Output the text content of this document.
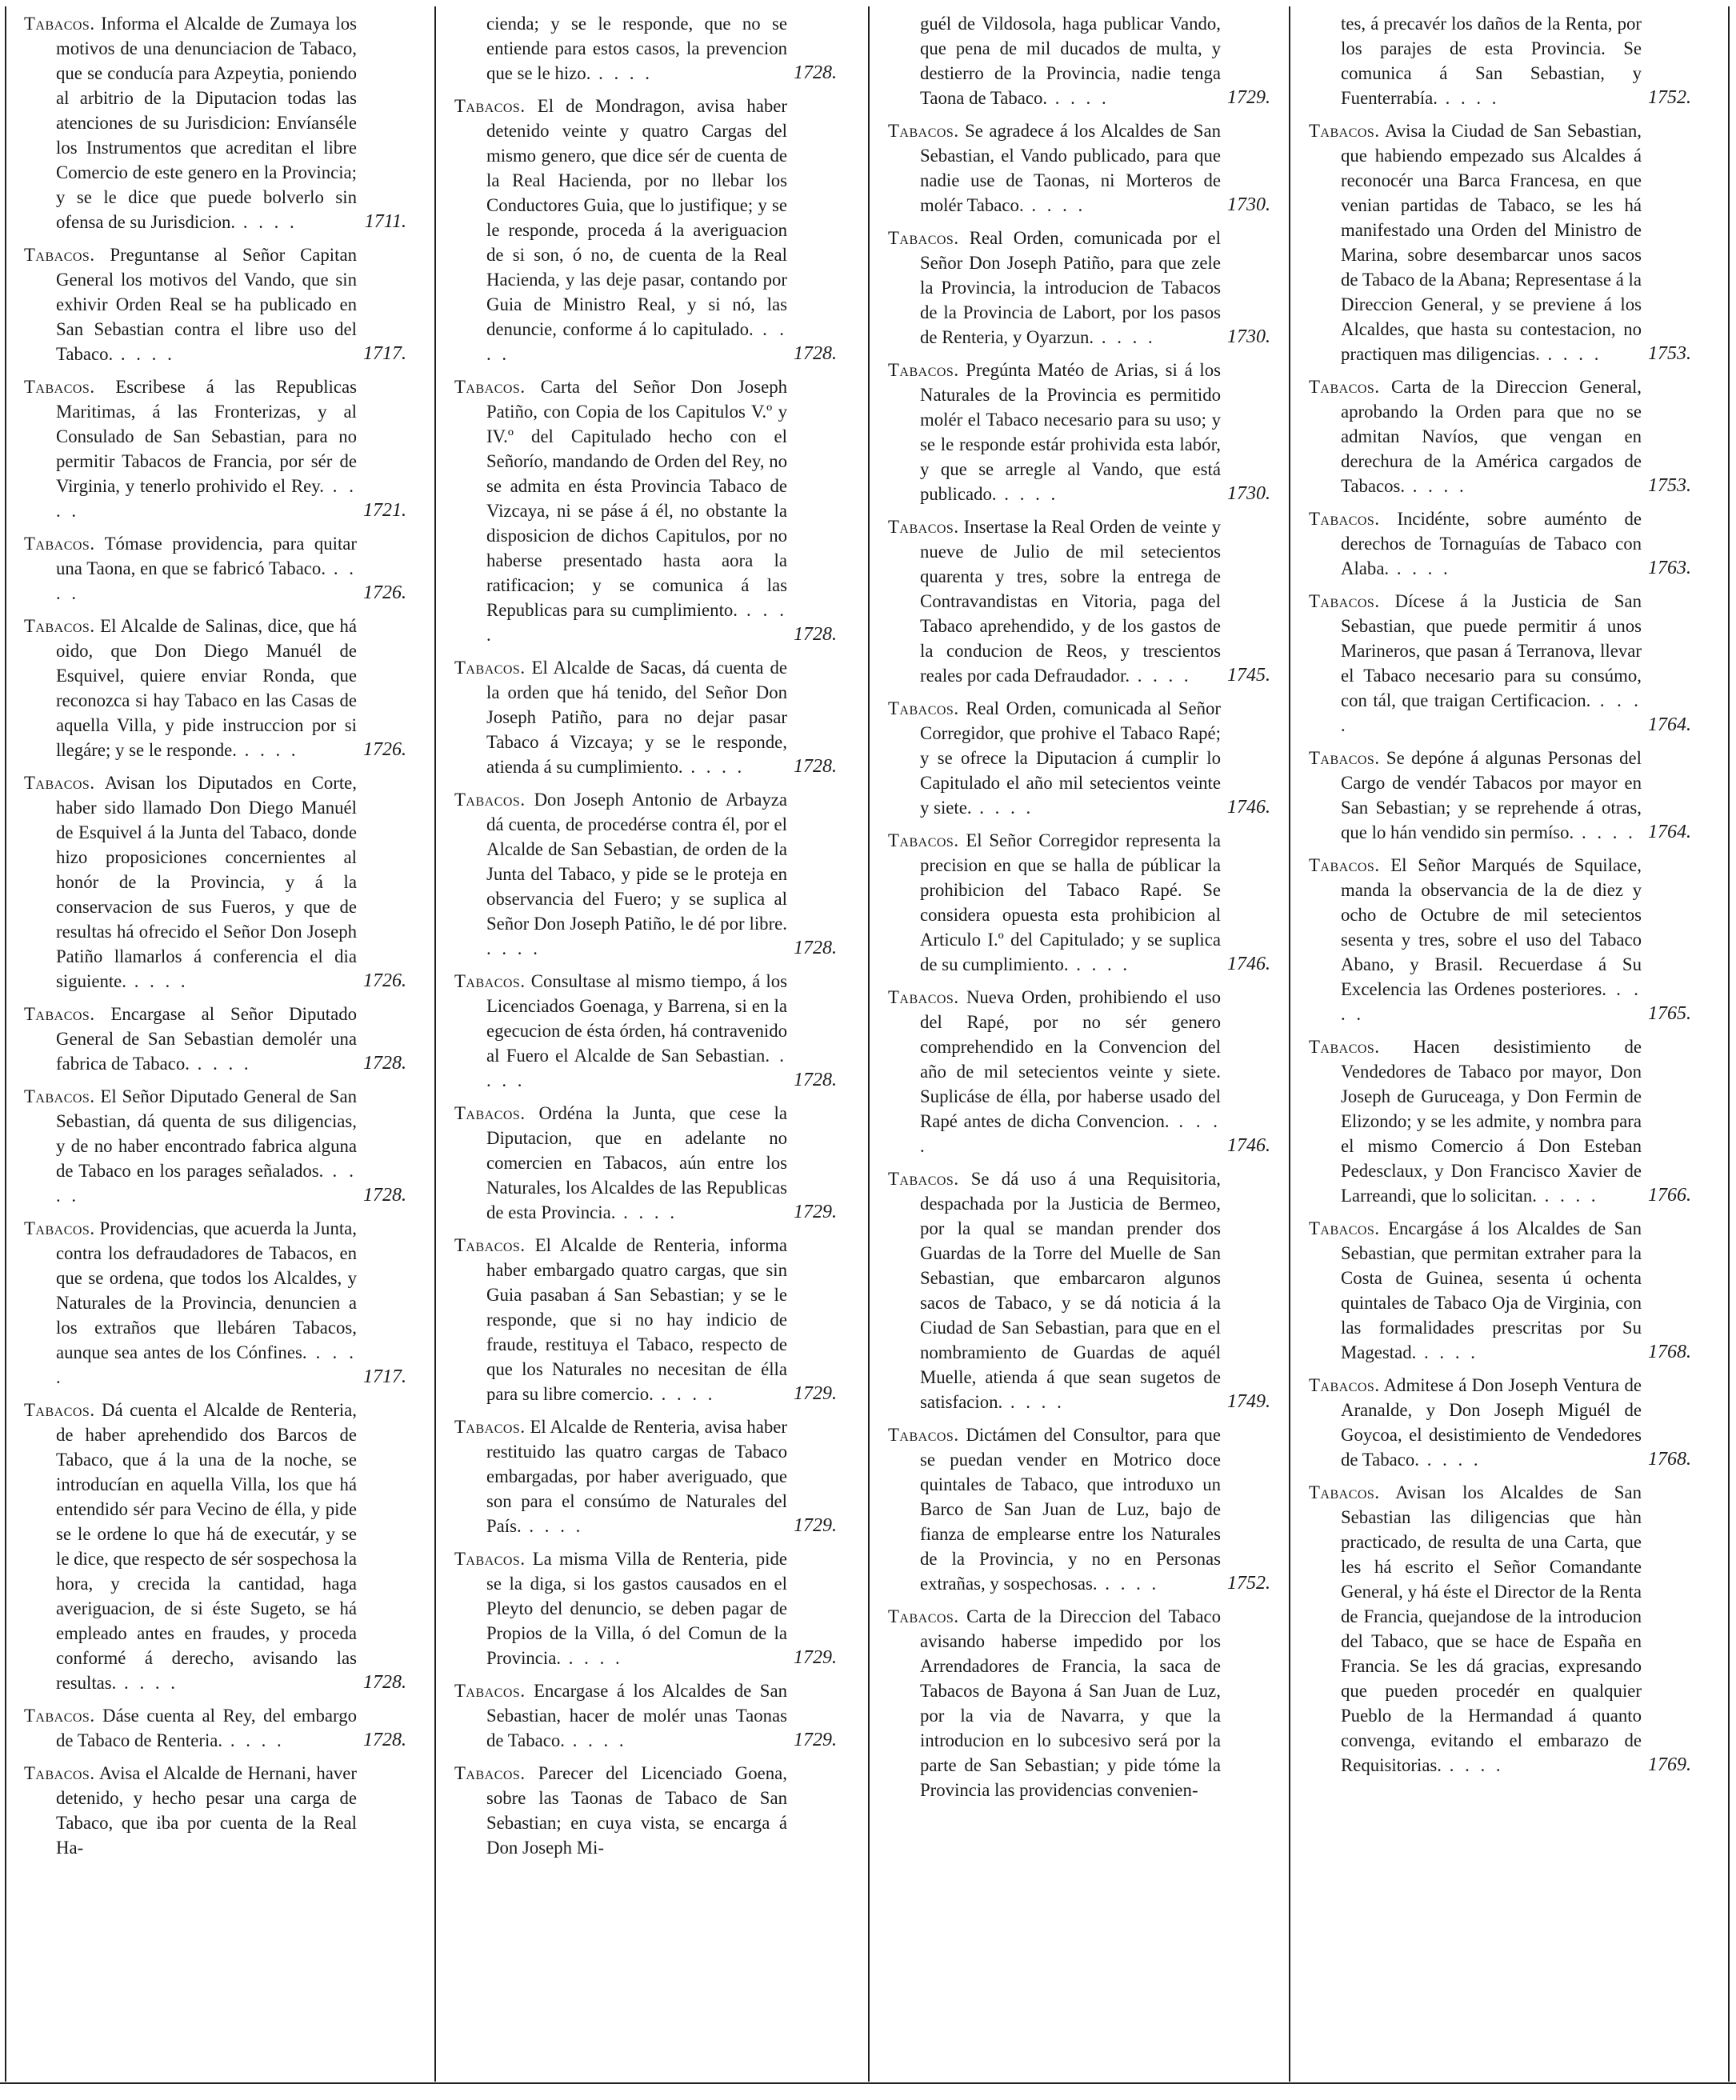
Tabacos. Informa el Alcalde de Zumaya los motivos de una denunciacion de Tabaco, que se conducía para Azpeytia, poniendo al arbitrio de la Diputacion todas las atenciones de su Jurisdicion: Envíanséle los Instrumentos que acreditan el libre Comercio de este genero en la Provincia; y se le dice que puede bolverlo sin ofensa de su Jurisdicion. . . . .	1711.

Tabacos. Preguntanse al Señor Capitan General los motivos del Vando, que sin exhivir Orden Real se ha publicado en San Sebastian contra el libre uso del Tabaco. . . . .	1717.

Tabacos. Escribese á las Republicas Maritimas, á las Fronterizas, y al Consulado de San Sebastian, para no permitir Tabacos de Francia, por sér de Virginia, y tenerlo prohivido el Rey. . . . .	1721.

Tabacos. Tómase providencia, para quitar una Taona, en que se fabricó Tabaco. . . . .	1726.

Tabacos. El Alcalde de Salinas, dice, que há oido, que Don Diego Manuél de Esquivel, quiere enviar Ronda, que reconozca si hay Tabaco en las Casas de aquella Villa, y pide instruccion por si llegáre; y se le responde. . . . .	1726.

Tabacos. Avisan los Diputados en Corte, haber sido llamado Don Diego Manuél de Esquivel á la Junta del Tabaco, donde hizo proposiciones concernientes al honór de la Provincia, y á la conservacion de sus Fueros, y que de resultas há ofrecido el Señor Don Joseph Patiño llamarlos á conferencia el dia siguiente. . . . .	1726.

Tabacos. Encargase al Señor Diputado General de San Sebastian demolér una fabrica de Tabaco. . . . .	1728.

Tabacos. El Señor Diputado General de San Sebastian, dá quenta de sus diligencias, y de no haber encontrado fabrica alguna de Tabaco en los parages señalados. . . . .	1728.

Tabacos. Providencias, que acuerda la Junta, contra los defraudadores de Tabacos, en que se ordena, que todos los Alcaldes, y Naturales de la Provincia, denuncien a los extraños que llebáren Tabacos, aunque sea antes de los Cónfines. . . . .	1717.

Tabacos. Dá cuenta el Alcalde de Renteria, de haber aprehendido dos Barcos de Tabaco, que á la una de la noche, se introducían en aquella Villa, los que há entendido sér para Vecino de élla, y pide se le ordene lo que há de executár, y se le dice, que respecto de sér sospechosa la hora, y crecida la cantidad, haga averiguacion, de si éste Sugeto, se há empleado antes en fraudes, y proceda conformé á derecho, avisando las resultas. . . . .	1728.

Tabacos. Dáse cuenta al Rey, del embargo de Tabaco de Renteria. . . . .	1728.

Tabacos. Avisa el Alcalde de Hernani, haver detenido, y hecho pesar una carga de Tabaco, que iba por cuenta de la Real Ha-

cienda; y se le responde, que no se entiende para estos casos, la prevencion que se le hizo. . . . .	1728.

Tabacos. El de Mondragon, avisa haber detenido veinte y quatro Cargas del mismo genero, que dice sér de cuenta de la Real Hacienda, por no llebar los Conductores Guia, que lo justifique; y se le responde, proceda á la averiguacion de si son, ó no, de cuenta de la Real Hacienda, y las deje pasar, contando por Guia de Ministro Real, y si nó, las denuncie, conforme á lo capitulado. . . . .	1728.

Tabacos. Carta del Señor Don Joseph Patiño, con Copia de los Capitulos V.º y IV.º del Capitulado hecho con el Señorío, mandando de Orden del Rey, no se admita en ésta Provincia Tabaco de Vizcaya, ni se páse á él, no obstante la disposicion de dichos Capitulos, por no haberse presentado hasta aora la ratificacion; y se comunica á las Republicas para su cumplimiento. . . . .	1728.

Tabacos. El Alcalde de Sacas, dá cuenta de la orden que há tenido, del Señor Don Joseph Patiño, para no dejar pasar Tabaco á Vizcaya; y se le responde, atienda á su cumplimiento. . . . .	1728.

Tabacos. Don Joseph Antonio de Arbayza dá cuenta, de procedérse contra él, por el Alcalde de San Sebastian, de orden de la Junta del Tabaco, y pide se le proteja en observancia del Fuero; y se suplica al Señor Don Joseph Patiño, le dé por libre. . . . .	1728.

Tabacos. Consultase al mismo tiempo, á los Licenciados Goenaga, y Barrena, si en la egecucion de ésta órden, há contravenido al Fuero el Alcalde de San Sebastian. . . . .	1728.

Tabacos. Ordéna la Junta, que cese la Diputacion, que en adelante no comercien en Tabacos, aún entre los Naturales, los Alcaldes de las Republicas de esta Provincia. . . . .	1729.

Tabacos. El Alcalde de Renteria, informa haber embargado quatro cargas, que sin Guia pasaban á San Sebastian; y se le responde, que si no hay indicio de fraude, restituya el Tabaco, respecto de que los Naturales no necesitan de élla para su libre comercio. . . . .	1729.

Tabacos. El Alcalde de Renteria, avisa haber restituido las quatro cargas de Tabaco embargadas, por haber averiguado, que son para el consúmo de Naturales del País. . . . .	1729.

Tabacos. La misma Villa de Renteria, pide se la diga, si los gastos causados en el Pleyto del denuncio, se deben pagar de Propios de la Villa, ó del Comun de la Provincia. . . . .	1729.

Tabacos. Encargase á los Alcaldes de San Sebastian, hacer de molér unas Taonas de Tabaco. . . . .	1729.

Tabacos. Parecer del Licenciado Goena, sobre las Taonas de Tabaco de San Sebastian; en cuya vista, se encarga á Don Joseph Mi-

guél de Vildosola, haga publicar Vando, que pena de mil ducados de multa, y destierro de la Provincia, nadie tenga Taona de Tabaco. . . . .	1729.

Tabacos. Se agradece á los Alcaldes de San Sebastian, el Vando publicado, para que nadie use de Taonas, ni Morteros de molér Tabaco. . . . .	1730.

Tabacos. Real Orden, comunicada por el Señor Don Joseph Patiño, para que zele la Provincia, la introducion de Tabacos de la Provincia de Labort, por los pasos de Renteria, y Oyarzun. . . . .	1730.

Tabacos. Pregúnta Matéo de Arias, si á los Naturales de la Provincia es permitido molér el Tabaco necesario para su uso; y se le responde estár prohivida esta labór, y que se arregle al Vando, que está publicado. . . . .	1730.

Tabacos. Insertase la Real Orden de veinte y nueve de Julio de mil setecientos quarenta y tres, sobre la entrega de Contravandistas en Vitoria, paga del Tabaco aprehendido, y de los gastos de la conducion de Reos, y trescientos reales por cada Defraudador. . . . . 1745.

Tabacos. Real Orden, comunicada al Señor Corregidor, que prohive el Tabaco Rapé; y se ofrece la Diputacion á cumplir lo Capitulado el año mil setecientos veinte y siete. . . . .	1746.

Tabacos. El Señor Corregidor representa la precision en que se halla de públicar la prohibicion del Tabaco Rapé. Se considera opuesta esta prohibicion al Articulo I.º del Capitulado; y se suplica de su cumplimiento. . . . .	1746.

Tabacos. Nueva Orden, prohibiendo el uso del Rapé, por no sér genero comprehendido en la Convencion del año de mil setecientos veinte y siete. Suplicáse de élla, por haberse usado del Rapé antes de dicha Convencion. . . . .	1746.

Tabacos. Se dá uso á una Requisitoria, despachada por la Justicia de Bermeo, por la qual se mandan prender dos Guardas de la Torre del Muelle de San Sebastian, que embarcaron algunos sacos de Tabaco, y se dá noticia á la Ciudad de San Sebastian, para que en el nombramiento de Guardas de aquél Muelle, atienda á que sean sugetos de satisfacion. . . . .	1749.

Tabacos. Dictámen del Consultor, para que se puedan vender en Motrico doce quintales de Tabaco, que introduxo un Barco de San Juan de Luz, bajo de fianza de emplearse entre los Naturales de la Provincia, y no en Personas extrañas, y sospechosas. . . . .	1752.

Tabacos. Carta de la Direccion del Tabaco avisando haberse impedido por los Arrendadores de Francia, la saca de Tabacos de Bayona á San Juan de Luz, por la via de Navarra, y que la introducion en lo subcesivo será por la parte de San Sebastian; y pide tóme la Provincia las providencias convenien-

tes, á precavér los daños de la Renta, por los parajes de esta Provincia. Se comunica á San Sebastian, y Fuenterrabía. . . . .	1752.

Tabacos. Avisa la Ciudad de San Sebastian, que habiendo empezado sus Alcaldes á reconocér una Barca Francesa, en que venian partidas de Tabaco, se les há manifestado una Orden del Ministro de Marina, sobre desembarcar unos sacos de Tabaco de la Abana; Representase á la Direccion General, y se previene á los Alcaldes, que hasta su contestacion, no practiquen mas diligencias. . . . . 1753.

Tabacos. Carta de la Direccion General, aprobando la Orden para que no se admitan Navíos, que vengan en derechura de la América cargados de Tabacos. . . . .	1753.

Tabacos. Incidénte, sobre auménto de derechos de Tornaguías de Tabaco con Alaba. . . . .	1763.

Tabacos. Dícese á la Justicia de San Sebastian, que puede permitir á unos Marineros, que pasan á Terranova, llevar el Tabaco necesario para su consúmo, con tál, que traigan Certificacion. . . . .	1764.

Tabacos. Se depóne á algunas Personas del Cargo de vendér Tabacos por mayor en San Sebastian; y se reprehende á otras, que lo hán vendido sin permíso. . . . . 1764.

Tabacos. El Señor Marqués de Squilace, manda la observancia de la de diez y ocho de Octubre de mil setecientos sesenta y tres, sobre el uso del Tabaco Abano, y Brasil. Recuerdase á Su Excelencia las Ordenes posteriores. . . . .	1765.

Tabacos. Hacen desistimiento de Vendedores de Tabaco por mayor, Don Joseph de Guruceaga, y Don Fermin de Elizondo; y se les admite, y nombra para el mismo Comercio á Don Esteban Pedesclaux, y Don Francisco Xavier de Larreandi, que lo solicitan. . . . .	1766.

Tabacos. Encargáse á los Alcaldes de San Sebastian, que permitan extraher para la Costa de Guinea, sesenta ú ochenta quintales de Tabaco Oja de Virginia, con las formalidades prescritas por Su Magestad. . . . .	1768.

Tabacos. Admitese á Don Joseph Ventura de Aranalde, y Don Joseph Miguél de Goycoa, el desistimiento de Vendedores de Tabaco. . . . .	1768.

Tabacos. Avisan los Alcaldes de San Sebastian las diligencias que hàn practicado, de resulta de una Carta, que les há escrito el Señor Comandante General, y há éste el Director de la Renta de Francia, quejandose de la introducion del Tabaco, que se hace de España en Francia. Se les dá gracias, expresando que pueden procedér en qualquier Pueblo de la Hermandad á quanto convenga, evitando el embarazo de Requisitorias. . . . .	1769.
